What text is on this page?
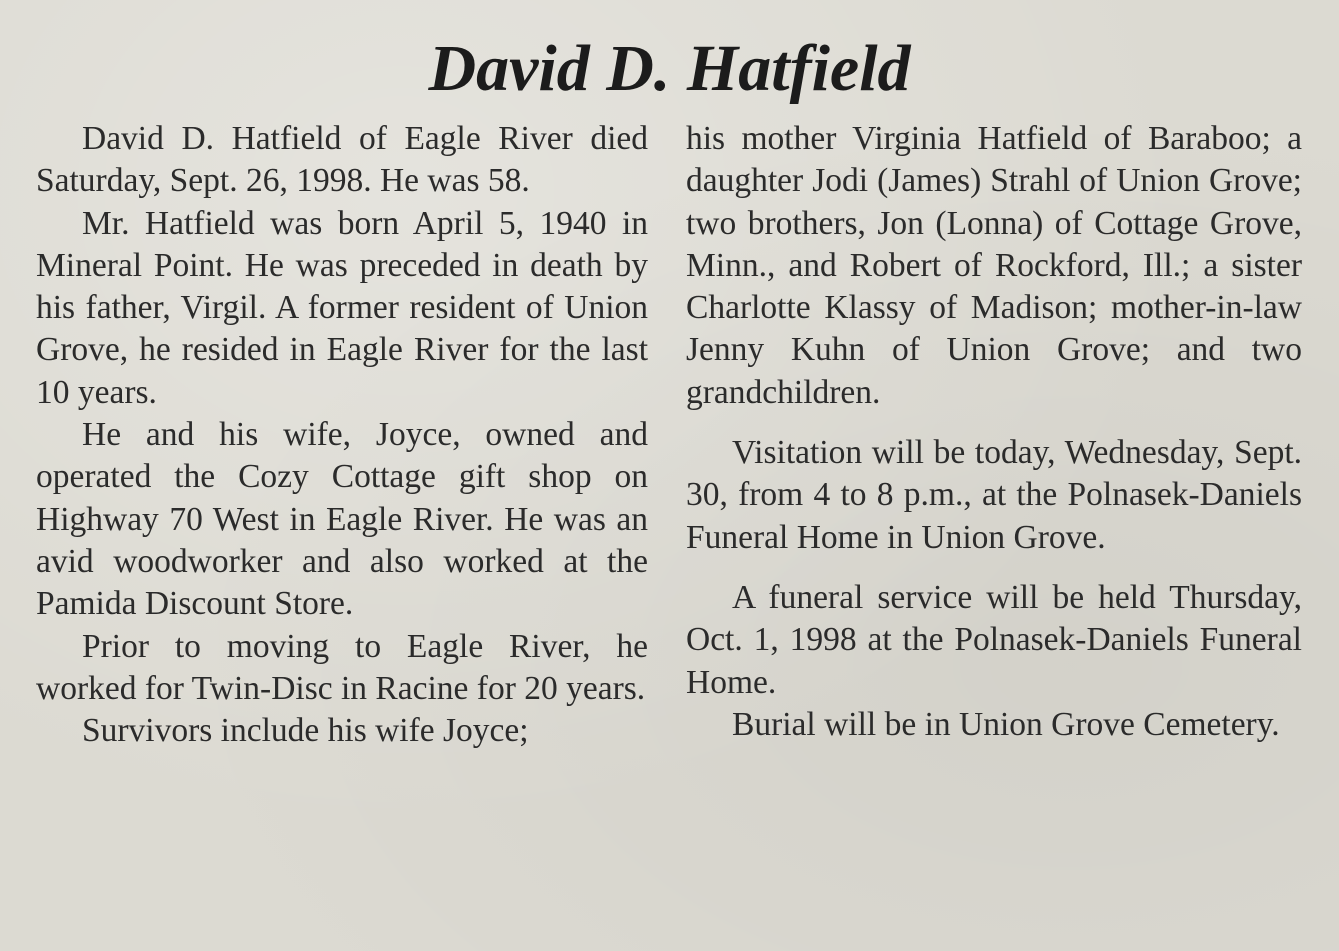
David D. Hatfield

David D. Hatfield of Eagle River died Saturday, Sept. 26, 1998. He was 58.

Mr. Hatfield was born April 5, 1940 in Mineral Point. He was preceded in death by his father, Virgil. A former resident of Union Grove, he resided in Eagle River for the last 10 years.

He and his wife, Joyce, owned and operated the Cozy Cottage gift shop on Highway 70 West in Eagle River. He was an avid woodworker and also worked at the Pamida Discount Store.

Prior to moving to Eagle River, he worked for Twin-Disc in Racine for 20 years.

Survivors include his wife Joyce;

his mother Virginia Hatfield of Baraboo; a daughter Jodi (James) Strahl of Union Grove; two brothers, Jon (Lonna) of Cottage Grove, Minn., and Robert of Rockford, Ill.; a sister Charlotte Klassy of Madison; mother-in-law Jenny Kuhn of Union Grove; and two grandchildren.

Visitation will be today, Wednesday, Sept. 30, from 4 to 8 p.m., at the Polnasek-Daniels Funeral Home in Union Grove.

A funeral service will be held Thursday, Oct. 1, 1998 at the Polnasek-Daniels Funeral Home.

Burial will be in Union Grove Cemetery.
